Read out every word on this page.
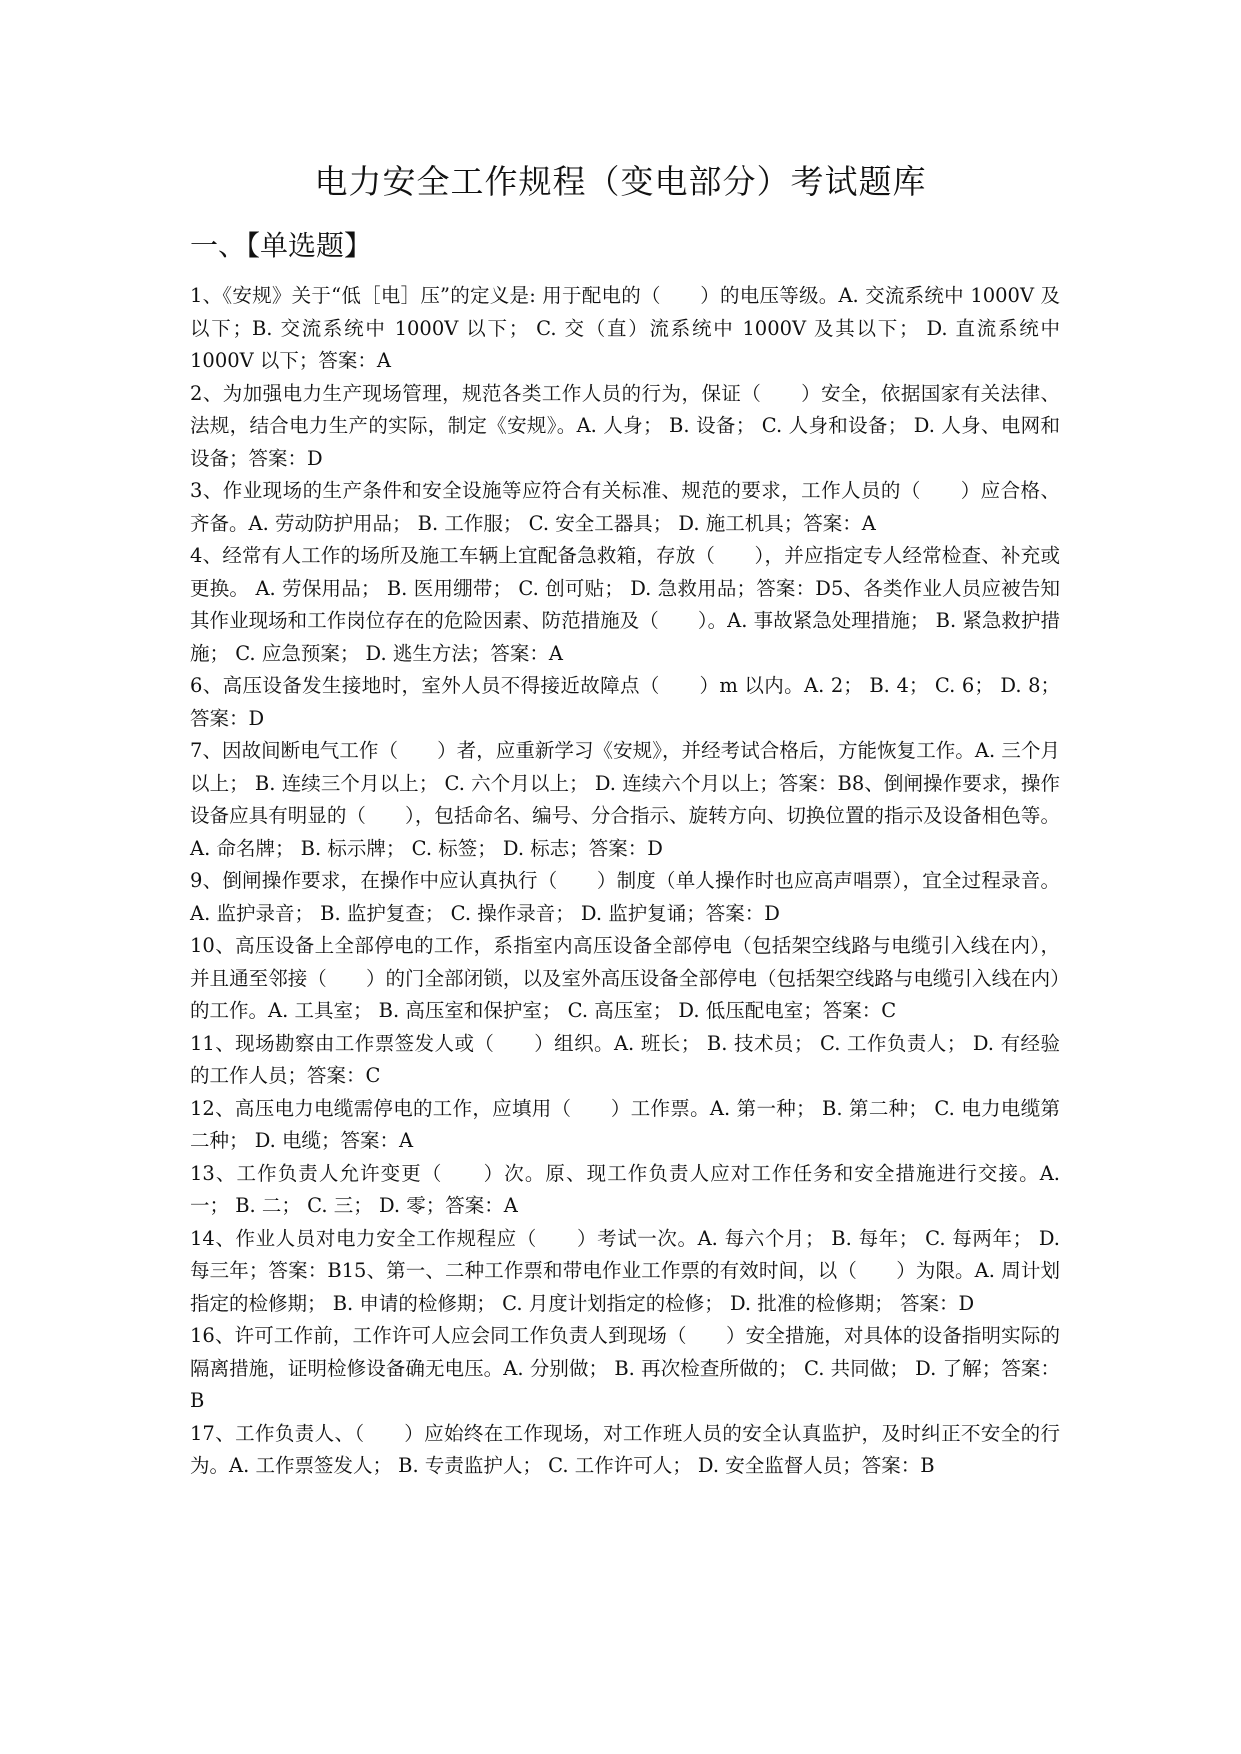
电力安全工作规程（变电部分）考试题库
一、【单选题】

1、《安规》关于“低［电］压”的定义是: 用于配电的（　　）的电压等级。A. 交流系统中 1000V 及以下；B. 交流系统中 1000V 以下； C. 交（直）流系统中 1000V 及其以下； D. 直流系统中 1000V 以下；答案：A

2、为加强电力生产现场管理，规范各类工作人员的行为，保证（　　）安全，依据国家有关法律、法规，结合电力生产的实际，制定《安规》。A. 人身； B. 设备； C. 人身和设备； D. 人身、电网和设备；答案：D

3、作业现场的生产条件和安全设施等应符合有关标准、规范的要求，工作人员的（　　）应合格、齐备。A. 劳动防护用品； B. 工作服； C. 安全工器具； D. 施工机具；答案：A

4、经常有人工作的场所及施工车辆上宜配备急救箱，存放（　　），并应指定专人经常检查、补充或更换。 A. 劳保用品； B. 医用绷带； C. 创可贴； D. 急救用品；答案：D5、各类作业人员应被告知其作业现场和工作岗位存在的危险因素、防范措施及（　　）。A. 事故紧急处理措施； B. 紧急救护措施； C. 应急预案； D. 逃生方法；答案：A

6、高压设备发生接地时，室外人员不得接近故障点（　　）m 以内。A. 2； B. 4； C. 6； D. 8；答案：D

7、因故间断电气工作（　　）者，应重新学习《安规》，并经考试合格后，方能恢复工作。A. 三个月以上； B. 连续三个月以上； C. 六个月以上； D. 连续六个月以上；答案：B8、倒闸操作要求，操作设备应具有明显的（　　），包括命名、编号、分合指示、旋转方向、切换位置的指示及设备相色等。A. 命名牌； B. 标示牌； C. 标签； D. 标志；答案：D

9、倒闸操作要求，在操作中应认真执行（　　）制度（单人操作时也应高声唱票），宜全过程录音。A. 监护录音； B. 监护复查； C. 操作录音； D. 监护复诵；答案：D

10、高压设备上全部停电的工作，系指室内高压设备全部停电（包括架空线路与电缆引入线在内），并且通至邻接（　　）的门全部闭锁，以及室外高压设备全部停电（包括架空线路与电缆引入线在内）的工作。A. 工具室； B. 高压室和保护室； C. 高压室； D. 低压配电室；答案：C

11、现场勘察由工作票签发人或（　　）组织。A. 班长； B. 技术员； C. 工作负责人； D. 有经验的工作人员；答案：C

12、高压电力电缆需停电的工作，应填用（　　）工作票。A. 第一种； B. 第二种； C. 电力电缆第二种； D. 电缆；答案：A

13、工作负责人允许变更（　　）次。原、现工作负责人应对工作任务和安全措施进行交接。A. 一； B. 二； C. 三； D. 零；答案：A

14、作业人员对电力安全工作规程应（　　）考试一次。A. 每六个月； B. 每年； C. 每两年； D. 每三年；答案：B15、第一、二种工作票和带电作业工作票的有效时间，以（　　）为限。A. 周计划指定的检修期； B. 申请的检修期； C. 月度计划指定的检修； D. 批准的检修期； 答案：D

16、许可工作前，工作许可人应会同工作负责人到现场（　　）安全措施，对具体的设备指明实际的隔离措施，证明检修设备确无电压。A. 分别做； B. 再次检查所做的； C. 共同做； D. 了解；答案：B

17、工作负责人、（　　）应始终在工作现场，对工作班人员的安全认真监护，及时纠正不安全的行为。A. 工作票签发人； B. 专责监护人； C. 工作许可人； D. 安全监督人员；答案：B
